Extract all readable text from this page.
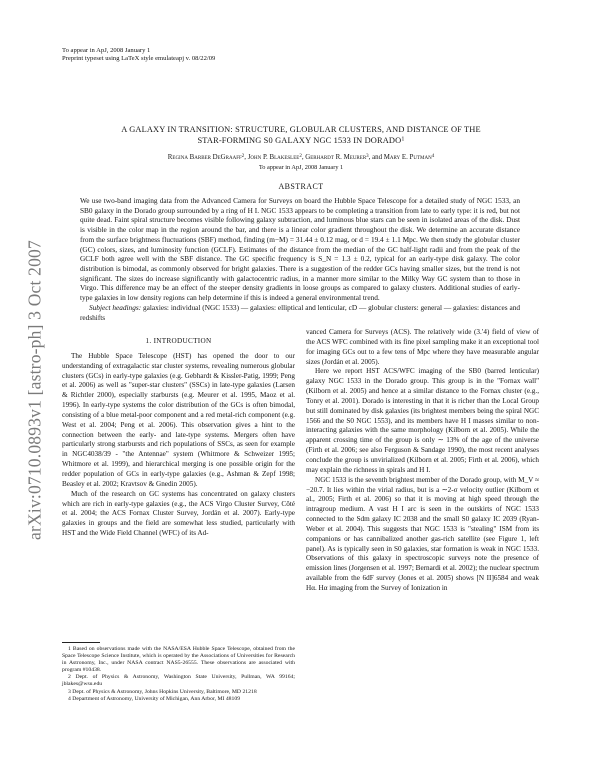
To appear in ApJ, 2008 January 1
Preprint typeset using LaTeX style emulateapj v. 08/22/09
arXiv:0710.0893v1 [astro-ph] 3 Oct 2007
A GALAXY IN TRANSITION: STRUCTURE, GLOBULAR CLUSTERS, AND DISTANCE OF THE
STAR-FORMING S0 GALAXY NGC 1533 IN DORADO$^1$
Regina Barber DeGraaff$^2$, John P. Blakeslee$^2$, Gerhardt R. Meurer$^3$, and Mary E. Putman$^4$
To appear in ApJ, 2008 January 1
ABSTRACT

We use two-band imaging data from the Advanced Camera for Surveys on board the Hubble Space Telescope for a detailed study of NGC 1533, an SB0 galaxy in the Dorado group surrounded by a ring of H I. NGC 1533 appears to be completing a transition from late to early type: it is red, but not quite dead. Faint spiral structure becomes visible following galaxy subtraction, and luminous blue stars can be seen in isolated areas of the disk. Dust is visible in the color map in the region around the bar, and there is a linear color gradient throughout the disk. We determine an accurate distance from the surface brightness fluctuations (SBF) method, finding (m−M) = 31.44 ± 0.12 mag, or d = 19.4 ± 1.1 Mpc. We then study the globular cluster (GC) colors, sizes, and luminosity function (GCLF). Estimates of the distance from the median of the GC half-light radii and from the peak of the GCLF both agree well with the SBF distance. The GC specific frequency is S_N = 1.3 ± 0.2, typical for an early-type disk galaxy. The color distribution is bimodal, as commonly observed for bright galaxies. There is a suggestion of the redder GCs having smaller sizes, but the trend is not significant. The sizes do increase significantly with galactocentric radius, in a manner more similar to the Milky Way GC system than to those in Virgo. This difference may be an effect of the steeper density gradients in loose groups as compared to galaxy clusters. Additional studies of early-type galaxies in low density regions can help determine if this is indeed a general environmental trend.

Subject headings: galaxies: individual (NGC 1533) — galaxies: elliptical and lenticular, cD — globular clusters: general — galaxies: distances and redshifts

1. INTRODUCTION

The Hubble Space Telescope (HST) has opened the door to our understanding of extragalactic star cluster systems, revealing numerous globular clusters (GCs) in early-type galaxies (e.g. Gebhardt & Kissler-Patig, 1999; Peng et al. 2006) as well as "super-star clusters" (SSCs) in late-type galaxies (Larsen & Richtler 2000), especially starbursts (e.g. Meurer et al. 1995, Maoz et al. 1996). In early-type systems the color distribution of the GCs is often bimodal, consisting of a blue metal-poor component and a red metal-rich component (e.g. West et al. 2004; Peng et al. 2006). This observation gives a hint to the connection between the early- and late-type systems. Mergers often have particularly strong starbursts and rich populations of SSCs, as seen for example in NGC4038/39 - "the Antennae" system (Whitmore & Schweizer 1995; Whitmore et al. 1999), and hierarchical merging is one possible origin for the redder population of GCs in early-type galaxies (e.g., Ashman & Zepf 1998; Beasley et al. 2002; Kravtsov & Gnedin 2005).

Much of the research on GC systems has concentrated on galaxy clusters which are rich in early-type galaxies (e.g., the ACS Virgo Cluster Survey, Côté et al. 2004; the ACS Fornax Cluster Survey, Jordán et al. 2007). Early-type galaxies in groups and the field are somewhat less studied, particularly with HST and the Wide Field Channel (WFC) of its Ad-

1 Based on observations made with the NASA/ESA Hubble Space Telescope, obtained from the Space Telescope Science Institute, which is operated by the Associations of Universities for Research in Astronomy, Inc., under NASA contract NAS5-26555. These observations are associated with program #10438.

2 Dept. of Physics & Astronomy, Washington State University, Pullman, WA 99164; jblakes@wsu.edu

3 Dept. of Physics & Astronomy, Johns Hopkins University, Baltimore, MD 21218

4 Department of Astronomy, University of Michigan, Ann Arbor, MI 48109

vanced Camera for Surveys (ACS). The relatively wide (3.′4) field of view of the ACS WFC combined with its fine pixel sampling make it an exceptional tool for imaging GCs out to a few tens of Mpc where they have measurable angular sizes (Jordán et al. 2005).

Here we report HST ACS/WFC imaging of the SB0 (barred lenticular) galaxy NGC 1533 in the Dorado group. This group is in the "Fornax wall" (Kilborn et al. 2005) and hence at a similar distance to the Fornax cluster (e.g., Tonry et al. 2001). Dorado is interesting in that it is richer than the Local Group but still dominated by disk galaxies (its brightest members being the spiral NGC 1566 and the S0 NGC 1553), and its members have H I masses similar to non-interacting galaxies with the same morphology (Kilborn et al. 2005). While the apparent crossing time of the group is only ∼ 13% of the age of the universe (Firth et al. 2006; see also Ferguson & Sandage 1990), the most recent analyses conclude the group is unvirialized (Kilborn et al. 2005; Firth et al. 2006), which may explain the richness in spirals and H I.

NGC 1533 is the seventh brightest member of the Dorado group, with M_V ≈ −20.7. It lies within the virial radius, but is a ∼2-σ velocity outlier (Kilborn et al., 2005; Firth et al. 2006) so that it is moving at high speed through the intragroup medium. A vast H I arc is seen in the outskirts of NGC 1533 connected to the Sdm galaxy IC 2038 and the small S0 galaxy IC 2039 (Ryan-Weber et al. 2004). This suggests that NGC 1533 is "stealing" ISM from its companions or has cannibalized another gas-rich satellite (see Figure 1, left panel). As is typically seen in S0 galaxies, star formation is weak in NGC 1533. Observations of this galaxy in spectroscopic surveys note the presence of emission lines (Jorgensen et al. 1997; Bernardi et al. 2002); the nuclear spectrum available from the 6dF survey (Jones et al. 2005) shows [N II]6584 and weak Hα. Hα imaging from the Survey of Ionization in
